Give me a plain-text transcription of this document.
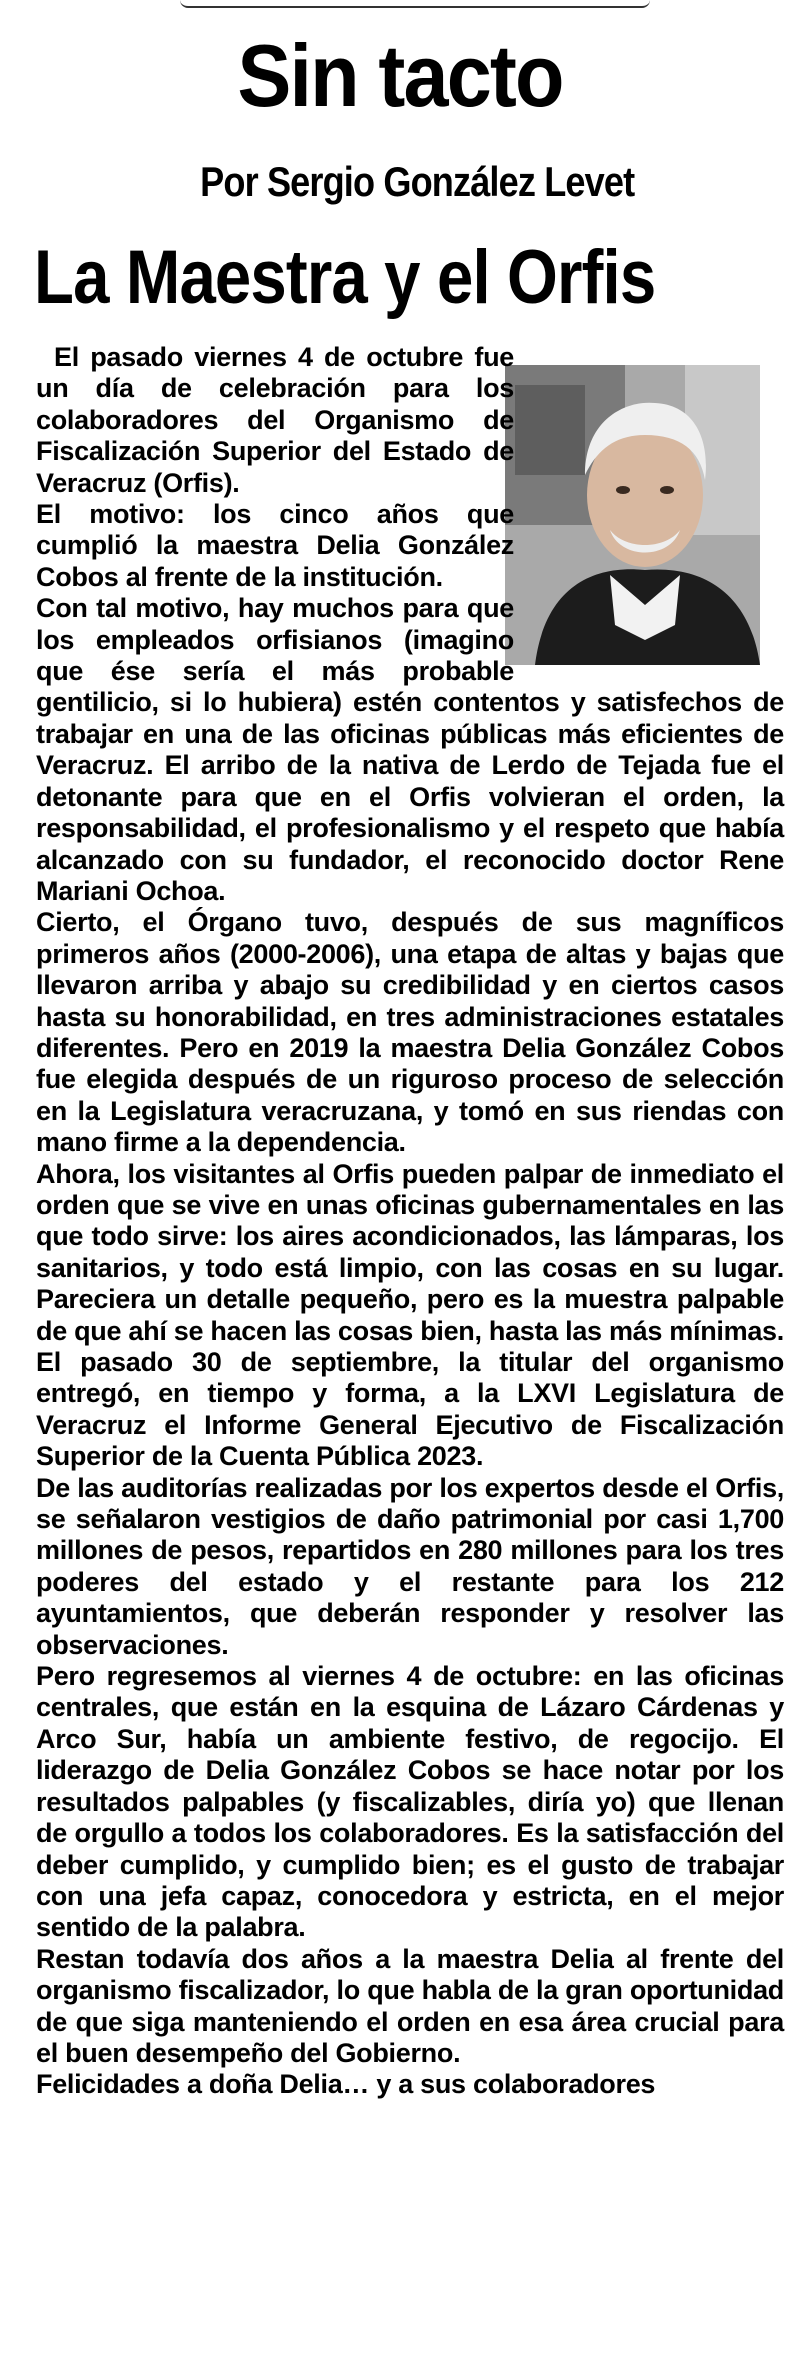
Sin tacto
Por Sergio González Levet
La Maestra y el Orfis

El pasado viernes 4 de octubre fue un día de celebración para los colaboradores del Organismo de Fiscalización Superior del Estado de Veracruz (Orfis).

El motivo: los cinco años que cumplió la maestra Delia González Cobos al frente de la institución.

Con tal motivo, hay muchos para que los empleados orfisianos (imagino que ése sería el más probable gentilicio, si lo hubiera) estén contentos y satisfechos de trabajar en una de las oficinas públicas más eficientes de Veracruz. El arribo de la nativa de Lerdo de Tejada fue el detonante para que en el Orfis volvieran el orden, la responsabilidad, el profesionalismo y el respeto que había alcanzado con su fundador, el reconocido doctor Rene Mariani Ochoa.

Cierto, el Órgano tuvo, después de sus magníficos primeros años (2000-2006), una etapa de altas y bajas que llevaron arriba y abajo su credibilidad y en ciertos casos hasta su honorabilidad, en tres administraciones estatales diferentes. Pero en 2019 la maestra Delia González Cobos fue elegida después de un riguroso proceso de selección en la Legislatura veracruzana, y tomó en sus riendas con mano firme a la dependencia.

Ahora, los visitantes al Orfis pueden palpar de inmediato el orden que se vive en unas oficinas gubernamentales en las que todo sirve: los aires acondicionados, las lámparas, los sanitarios, y todo está limpio, con las cosas en su lugar. Pareciera un detalle pequeño, pero es la muestra palpable de que ahí se hacen las cosas bien, hasta las más mínimas.

El pasado 30 de septiembre, la titular del organismo entregó, en tiempo y forma, a la LXVI Legislatura de Veracruz el Informe General Ejecutivo de Fiscalización Superior de la Cuenta Pública 2023.

De las auditorías realizadas por los expertos desde el Orfis, se señalaron vestigios de daño patrimonial por casi 1,700 millones de pesos, repartidos en 280 millones para los tres poderes del estado y el restante para los 212 ayuntamientos, que deberán responder y resolver las observaciones.

Pero regresemos al viernes 4 de octubre: en las oficinas centrales, que están en la esquina de Lázaro Cárdenas y Arco Sur, había un ambiente festivo, de regocijo. El liderazgo de Delia González Cobos se hace notar por los resultados palpables (y fiscalizables, diría yo) que llenan de orgullo a todos los colaboradores. Es la satisfacción del deber cumplido, y cumplido bien; es el gusto de trabajar con una jefa capaz, conocedora y estricta, en el mejor sentido de la palabra.

Restan todavía dos años a la maestra Delia al frente del organismo fiscalizador, lo que habla de la gran oportunidad de que siga manteniendo el orden en esa área crucial para el buen desempeño del Gobierno.

Felicidades a doña Delia… y a sus colaboradores
